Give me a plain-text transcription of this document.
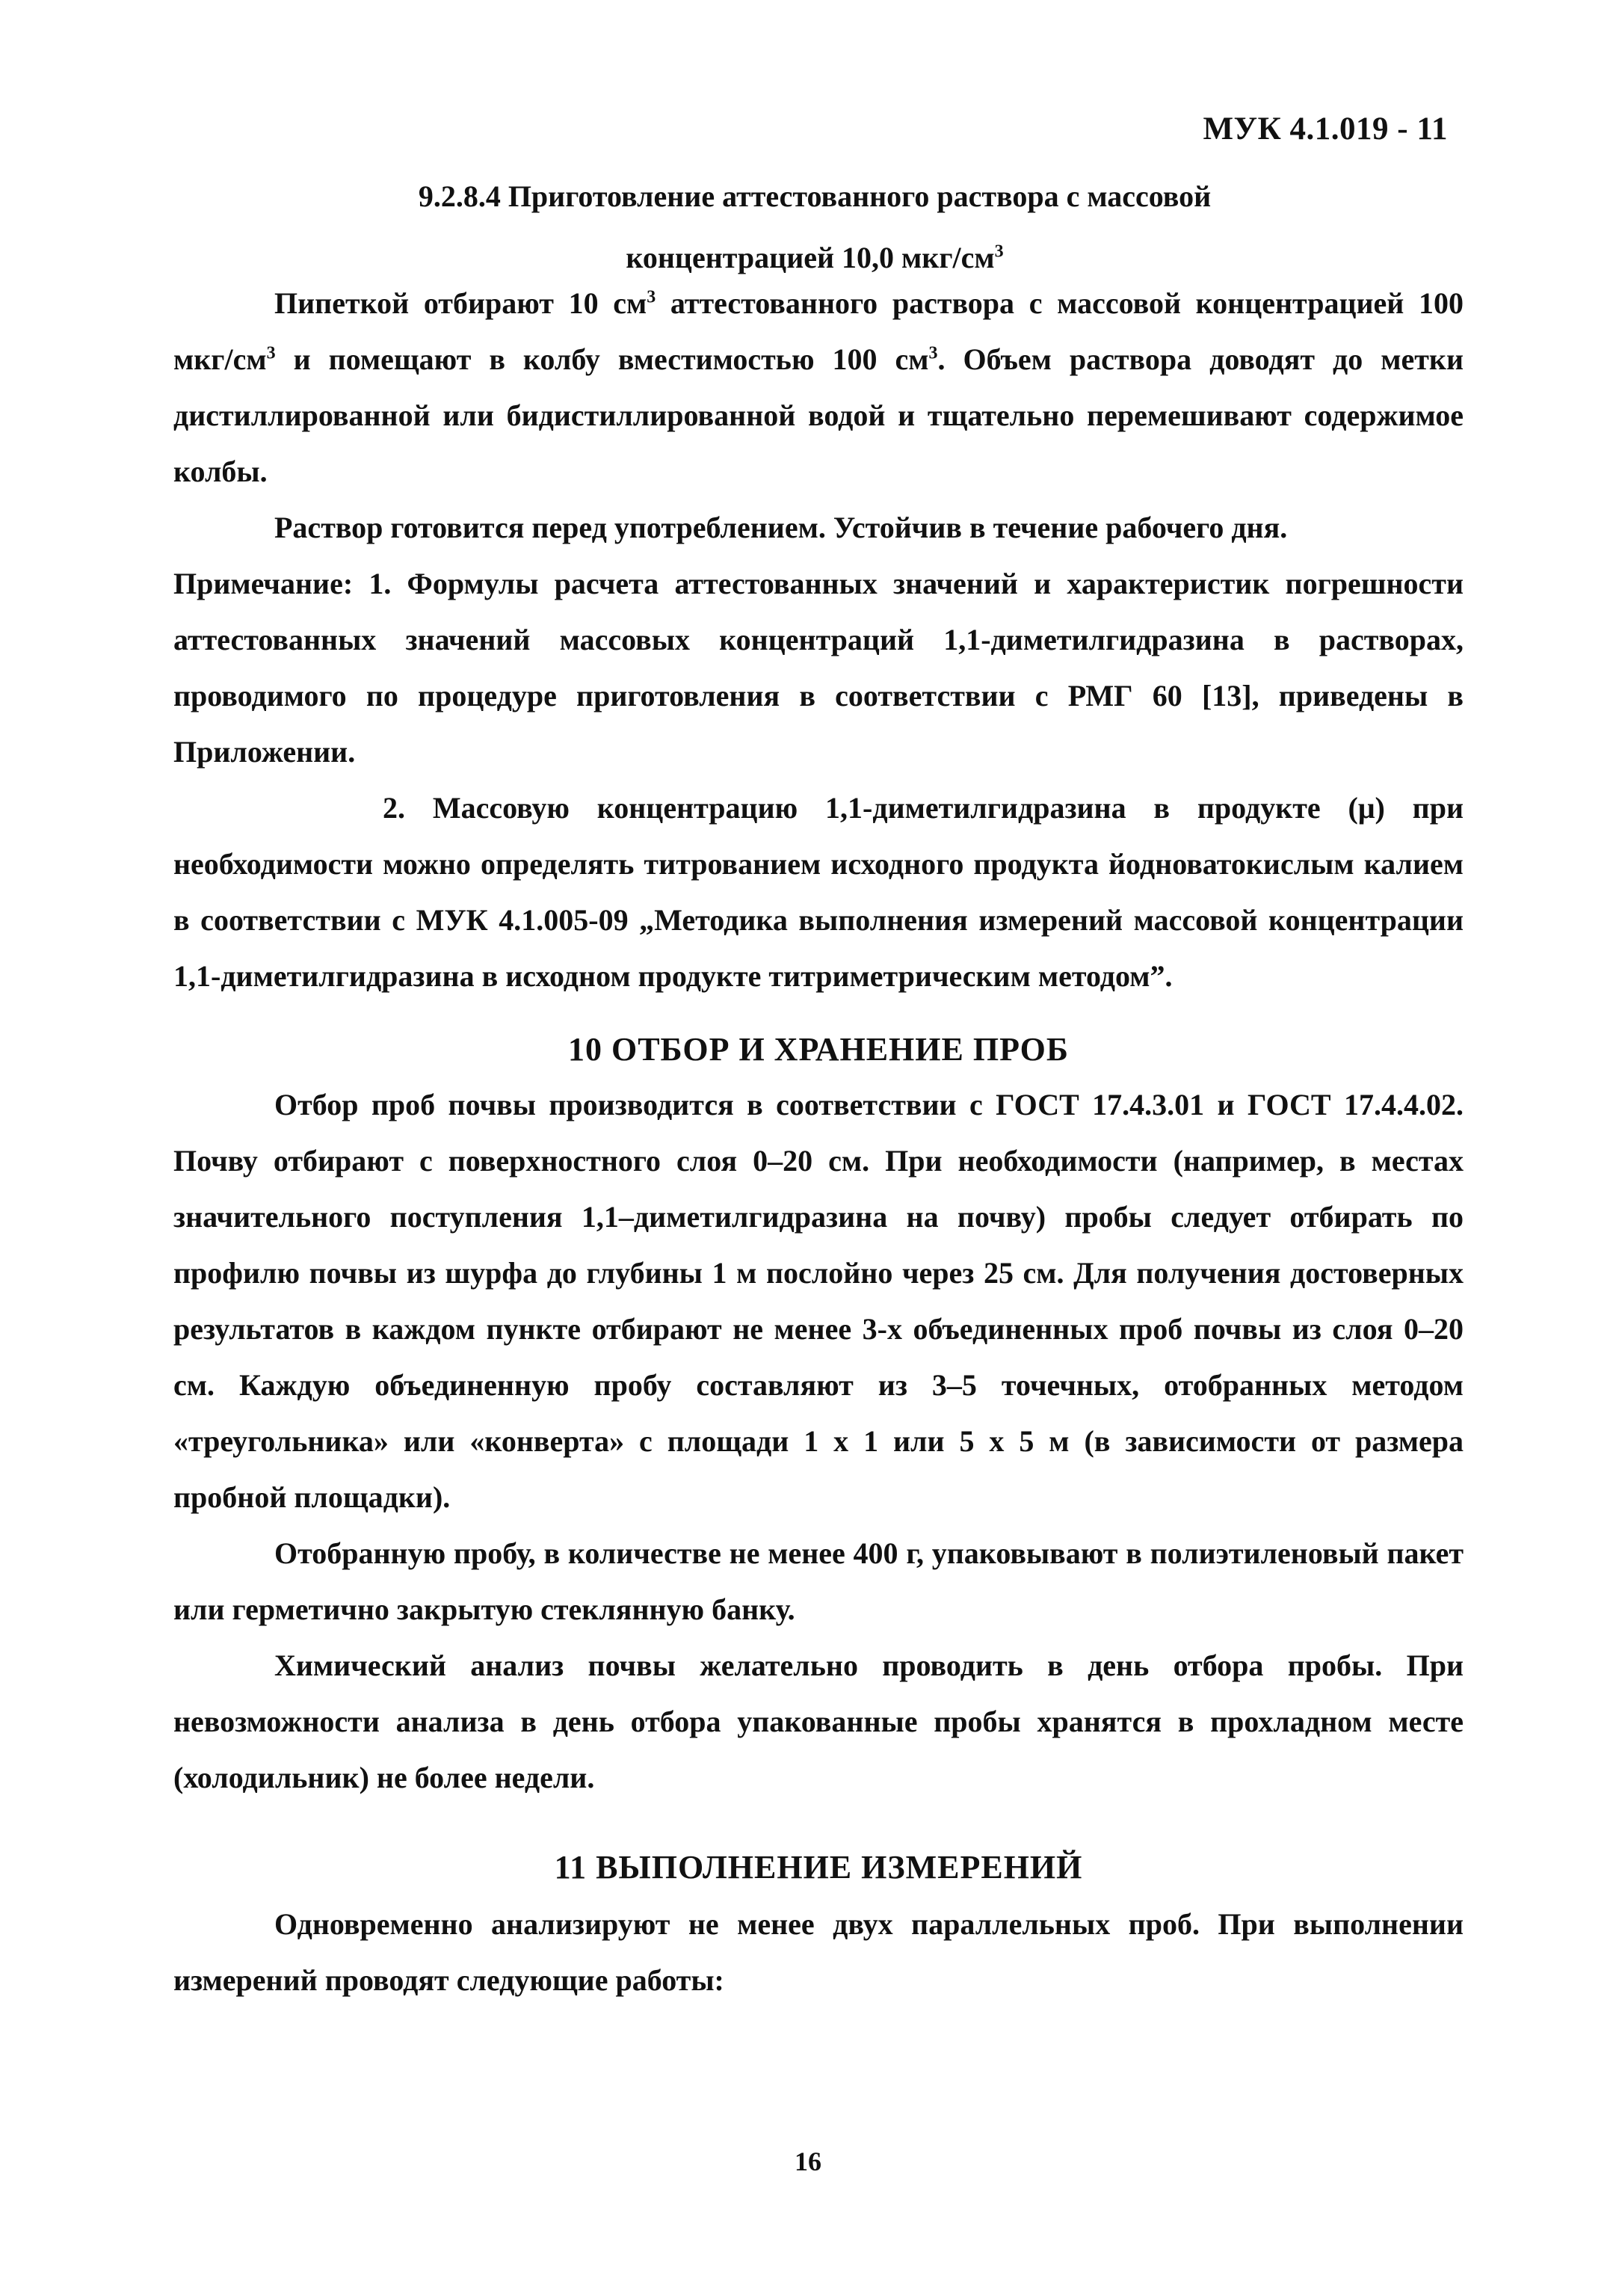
МУК 4.1.019 - 11
9.2.8.4 Приготовление аттестованного раствора с массовой
концентрацией 10,0 мкг/$см^3$

Пипеткой отбирают 10 $см^3$ аттестованного раствора с массовой концентрацией 100 мкг/$см^3$ и помещают в колбу вместимостью 100 $см^3$. Объем раствора доводят до метки дистиллированной или бидистиллированной водой и тщательно перемешивают содержимое колбы.

Раствор готовится перед употреблением. Устойчив в течение рабочего дня.

Примечание: 1. Формулы расчета аттестованных значений и характеристик погрешности аттестованных значений массовых концентраций 1,1-диметилгидразина в растворах, проводимого по процедуре приготовления в соответствии с РМГ 60 [13], приведены в Приложении.

2. Массовую концентрацию 1,1-диметилгидразина в продукте (μ) при необходимости можно определять титрованием исходного продукта йодноватокислым калием в соответствии с МУК 4.1.005-09 „Методика выполнения измерений массовой концентрации 1,1-диметилгидразина в исходном продукте титриметрическим методом”.

10 ОТБОР И ХРАНЕНИЕ ПРОБ

Отбор проб почвы производится в соответствии с ГОСТ 17.4.3.01 и ГОСТ 17.4.4.02. Почву отбирают с поверхностного слоя 0–20 см. При необходимости (например, в местах значительного поступления 1,1–диметилгидразина на почву) пробы следует отбирать по профилю почвы из шурфа до глубины 1 м послойно через 25 см. Для получения достоверных результатов в каждом пункте отбирают не менее 3-х объединенных проб почвы из слоя 0–20 см. Каждую объединенную пробу составляют из 3–5 точечных, отобранных методом «треугольника» или «конверта» с площади 1 х 1 или 5 х 5 м (в зависимости от размера пробной площадки).

Отобранную пробу, в количестве не менее 400 г, упаковывают в полиэтиленовый пакет или герметично закрытую стеклянную банку.

Химический анализ почвы желательно проводить в день отбора пробы. При невозможности анализа в день отбора упакованные пробы хранятся в прохладном месте (холодильник) не более недели.

11 ВЫПОЛНЕНИЕ ИЗМЕРЕНИЙ

Одновременно анализируют не менее двух параллельных проб. При выполнении измерений проводят следующие работы:

16
